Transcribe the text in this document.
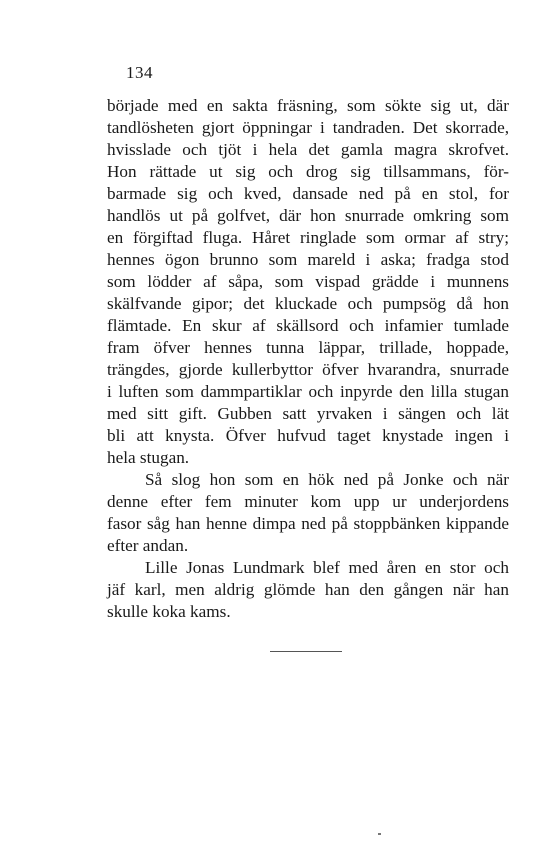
134
började med en sakta fräsning, som sökte sig ut, där
tandlösheten gjort öppningar i tandraden. Det skorrade,
hvisslade och tjöt i hela det gamla magra skrofvet.
Hon rättade ut sig och drog sig tillsammans, för-
barmade sig och kved, dansade ned på en stol, for
handlös ut på golfvet, där hon snurrade omkring som
en förgiftad fluga. Håret ringlade som ormar af stry;
hennes ögon brunno som mareld i aska; fradga stod
som lödder af såpa, som vispad grädde i munnens
skälfvande gipor; det kluckade och pumpsög då hon
flämtade. En skur af skällsord och infamier tumlade
fram öfver hennes tunna läppar, trillade, hoppade,
trängdes, gjorde kullerbyttor öfver hvarandra, snurrade
i luften som dammpartiklar och inpyrde den lilla stugan
med sitt gift. Gubben satt yrvaken i sängen och lät
bli att knysta. Öfver hufvud taget knystade ingen i
hela stugan.
Så slog hon som en hök ned på Jonke och när
denne efter fem minuter kom upp ur underjordens
fasor såg han henne dimpa ned på stoppbänken kippande
efter andan.
Lille Jonas Lundmark blef med åren en stor och
jäf karl, men aldrig glömde han den gången när han
skulle koka kams.
